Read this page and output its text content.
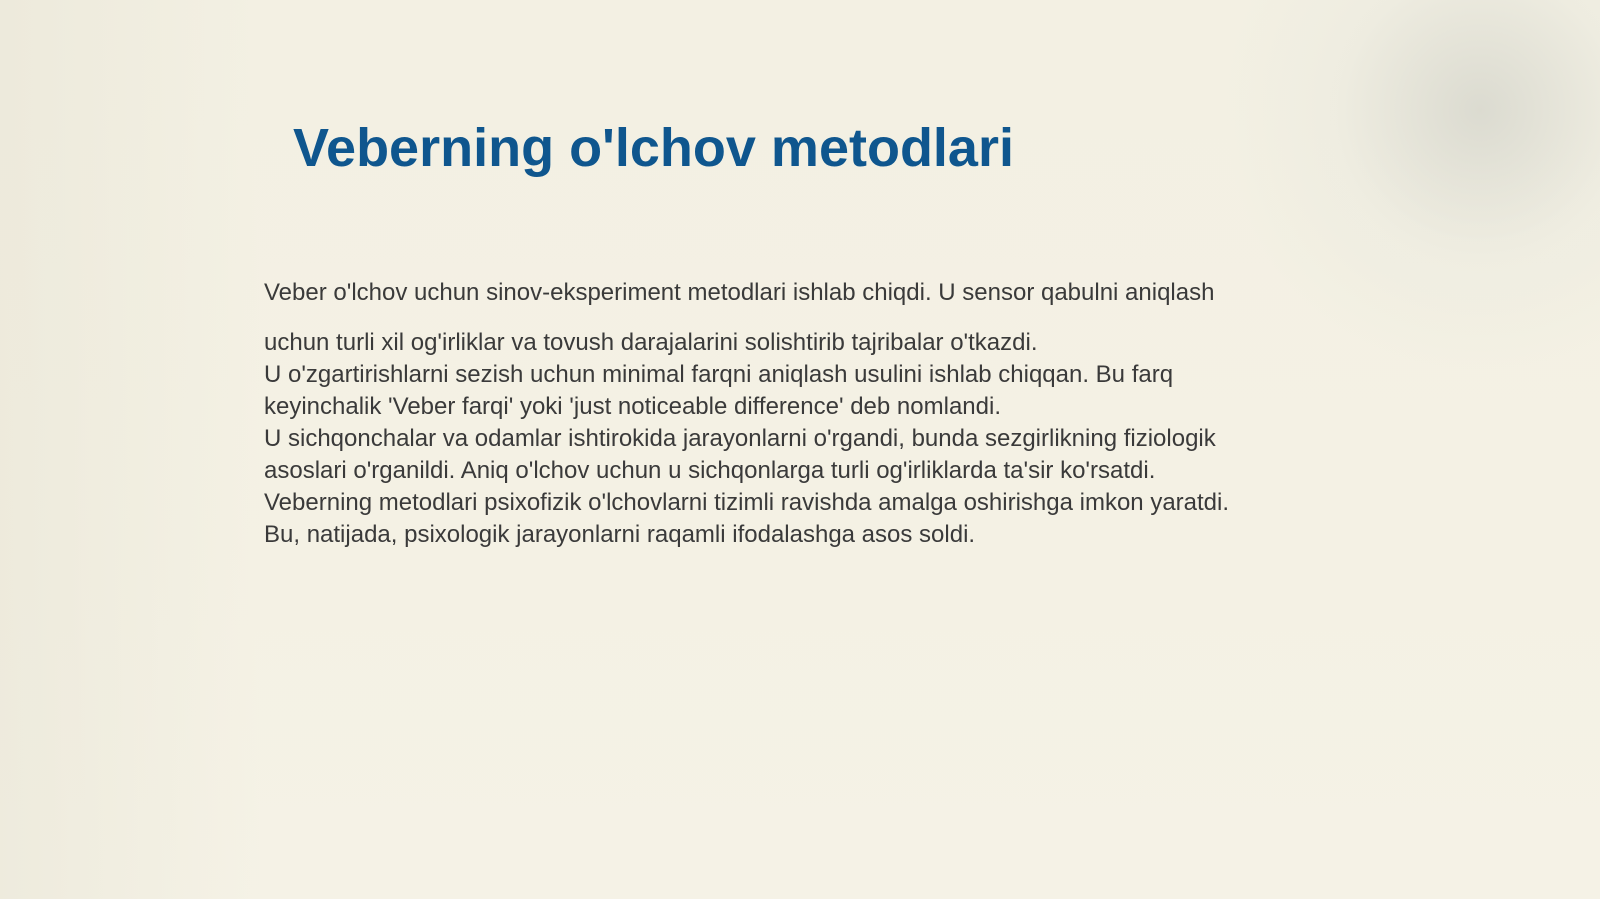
Veberning o'lchov metodlari

Veber o'lchov uchun sinov-eksperiment metodlari ishlab chiqdi. U sensor qabulni aniqlash

uchun turli xil og'irliklar va tovush darajalarini solishtirib tajribalar o'tkazdi.

U o'zgartirishlarni sezish uchun minimal farqni aniqlash usulini ishlab chiqqan. Bu farq

keyinchalik 'Veber farqi' yoki 'just noticeable difference' deb nomlandi.

U sichqonchalar va odamlar ishtirokida jarayonlarni o'rgandi, bunda sezgirlikning fiziologik

asoslari o'rganildi. Aniq o'lchov uchun u sichqonlarga turli og'irliklarda ta'sir ko'rsatdi.

Veberning metodlari psixofizik o'lchovlarni tizimli ravishda amalga oshirishga imkon yaratdi.

Bu, natijada, psixologik jarayonlarni raqamli ifodalashga asos soldi.
